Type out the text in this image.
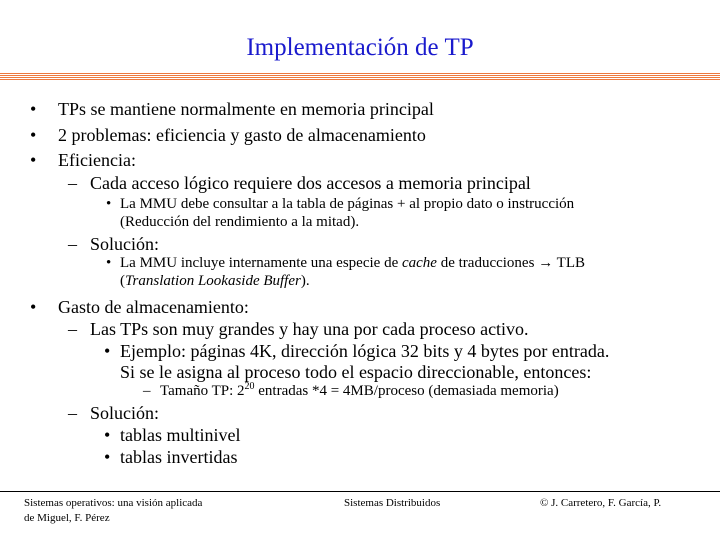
Implementación de TP
• TPs se mantiene normalmente en memoria principal
• 2 problemas: eficiencia y gasto de almacenamiento
• Eficiencia:
– Cada acceso lógico requiere dos accesos a memoria principal
• La MMU debe consultar a la tabla de páginas + al propio dato o instrucción
(Reducción del rendimiento a la mitad).
– Solución:
• La MMU incluye internamente una especie de cache de traducciones → TLB
(Translation Lookaside Buffer).
• Gasto de almacenamiento:
– Las TPs son muy grandes y hay una por cada proceso activo.
• Ejemplo: páginas 4K, dirección lógica 32 bits y 4 bytes por entrada.
Si se le asigna al proceso todo el espacio direccionable, entonces:
– Tamaño TP: $2^{20}$ entradas *4 = 4MB/proceso (demasiada memoria)
– Solución:
• tablas multinivel
• tablas invertidas
Sistemas operativos: una visión aplicada
de Miguel, F. Pérez
Sistemas Distribuidos	© J. Carretero, F. García, P.
